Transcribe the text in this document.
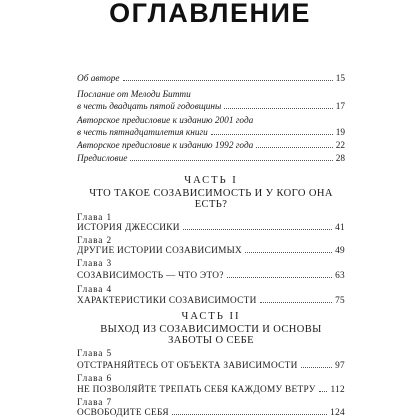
ОГЛАВЛЕНИЕ
Об авторе	15
Послание от Мелоди Битти
в честь двадцать пятой годовщины	17
Авторское предисловие к изданию 2001 года
в честь пятнадцатилетия книги	19
Авторское предисловие к изданию 1992 года	22
Предисловие	28
ЧАСТЬ I
ЧТО ТАКОЕ СОЗАВИСИМОСТЬ И У КОГО ОНА ЕСТЬ?
Глава 1
ИСТОРИЯ ДЖЕССИКИ	41
Глава 2
ДРУГИЕ ИСТОРИИ СОЗАВИСИМЫХ	49
Глава 3
СОЗАВИСИМОСТЬ — ЧТО ЭТО?	63
Глава 4
ХАРАКТЕРИСТИКИ СОЗАВИСИМОСТИ	75
ЧАСТЬ II
ВЫХОД ИЗ СОЗАВИСИМОСТИ И ОСНОВЫ ЗАБОТЫ О СЕБЕ
Глава 5
ОТСТРАНЯЙТЕСЬ ОТ ОБЪЕКТА ЗАВИСИМОСТИ	97
Глава 6
НЕ ПОЗВОЛЯЙТЕ ТРЕПАТЬ СЕБЯ КАЖДОМУ ВЕТРУ 112
Глава 7
ОСВОБОДИТЕ СЕБЯ	124
